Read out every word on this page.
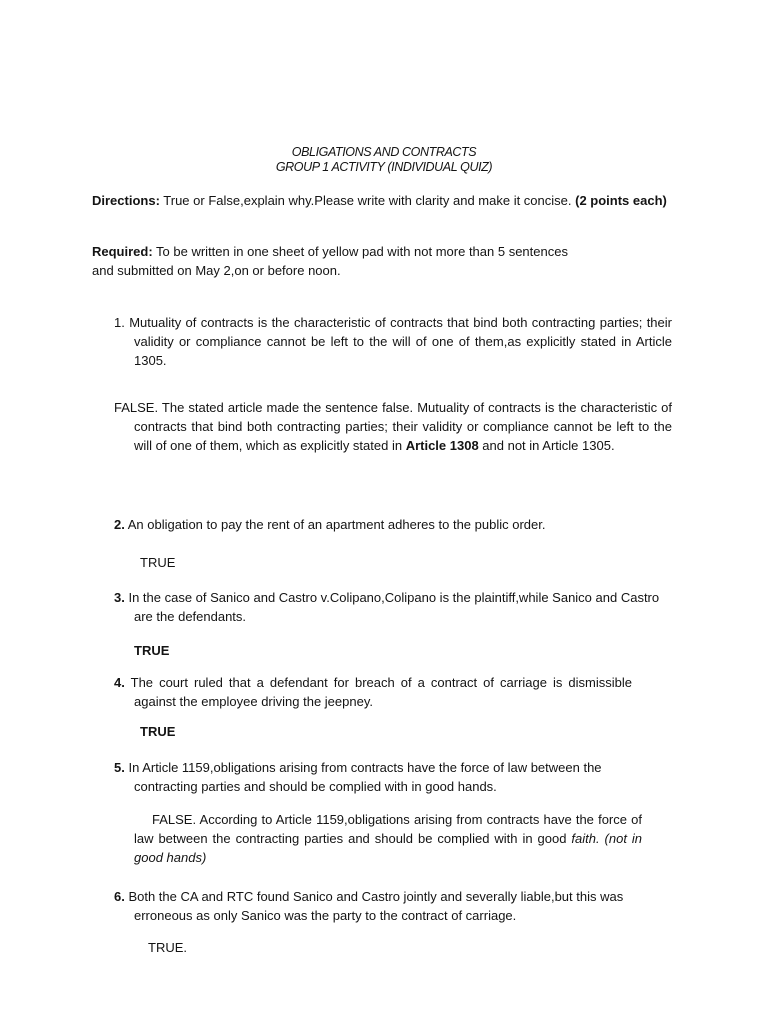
OBLIGATIONS AND CONTRACTS
GROUP 1 ACTIVITY (INDIVIDUAL QUIZ)

Directions: True or False,explain why.Please write with clarity and make it concise. (2 points each)

Required: To be written in one sheet of yellow pad with not more than 5 sentences
and submitted on May 2,on or before noon.

1. Mutuality of contracts is the characteristic of contracts that bind both contracting parties; their validity or compliance cannot be left to the will of one of them,as explicitly stated in Article 1305.

FALSE. The stated article made the sentence false. Mutuality of contracts is the characteristic of contracts that bind both contracting parties; their validity or compliance cannot be left to the will of one of them, which as explicitly stated in Article 1308 and not in Article 1305.

2. An obligation to pay the rent of an apartment adheres to the public order.

TRUE

3. In the case of Sanico and Castro v.Colipano,Colipano is the plaintiff,while Sanico and Castro are the defendants.

TRUE

4. The court ruled that a defendant for breach of a contract of carriage is dismissible against the employee driving the jeepney.

TRUE

5. In Article 1159,obligations arising from contracts have the force of law between the contracting parties and should be complied with in good hands.

FALSE. According to Article 1159,obligations arising from contracts have the force of law between the contracting parties and should be complied with in good faith. (not in good hands)

6. Both the CA and RTC found Sanico and Castro jointly and severally liable,but this was erroneous as only Sanico was the party to the contract of carriage.

TRUE.
